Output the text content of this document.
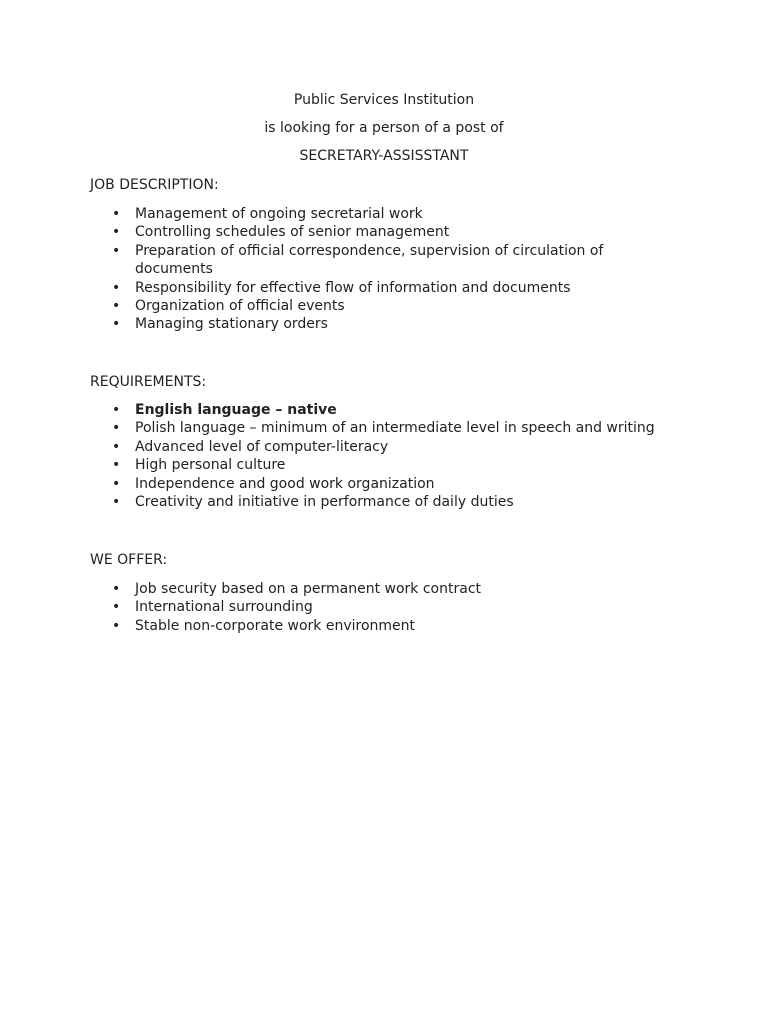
Public Services Institution
is looking for a person of a post of
SECRETARY-ASSISSTANT
JOB DESCRIPTION:
• Management of ongoing secretarial work
• Controlling schedules of senior management
• Preparation of official correspondence, supervision of circulation of documents
• Responsibility for effective flow of information and documents
• Organization of official events
• Managing stationary orders
REQUIREMENTS:
• English language – native
• Polish language – minimum of an intermediate level in speech and writing
• Advanced level of computer-literacy
• High personal culture
• Independence and good work organization
• Creativity and initiative in performance of daily duties
WE OFFER:
• Job security based on a permanent work contract
• International surrounding
• Stable non-corporate work environment
